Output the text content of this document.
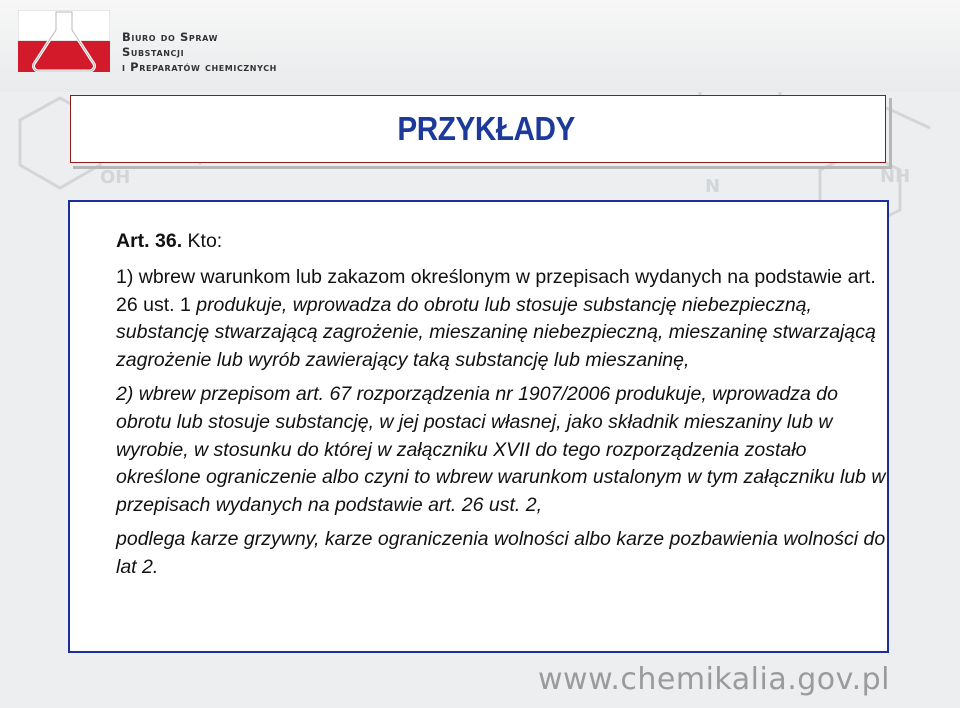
OH	NH
N
Biuro do Spraw
Substancji
i Preparatów chemicznych
PRZYKŁADY

Art. 36. Kto:

1) wbrew warunkom lub zakazom określonym w przepisach wydanych na podstawie art. 26 ust. 1 produkuje, wprowadza do obrotu lub stosuje substancję niebezpieczną, substancję stwarzającą zagrożenie, mieszaninę niebezpieczną, mieszaninę stwarzającą zagrożenie lub wyrób zawierający taką substancję lub mieszaninę,

2) wbrew przepisom art. 67 rozporządzenia nr 1907/2006 produkuje, wprowadza do obrotu lub stosuje substancję, w jej postaci własnej, jako składnik mieszaniny lub w wyrobie, w stosunku do której w załączniku XVII do tego rozporządzenia zostało określone ograniczenie albo czyni to wbrew warunkom ustalonym w tym załączniku lub w przepisach wydanych na podstawie art. 26 ust. 2,

podlega karze grzywny, karze ograniczenia wolności albo karze pozbawienia wolności do lat 2.

www.chemikalia.gov.pl
